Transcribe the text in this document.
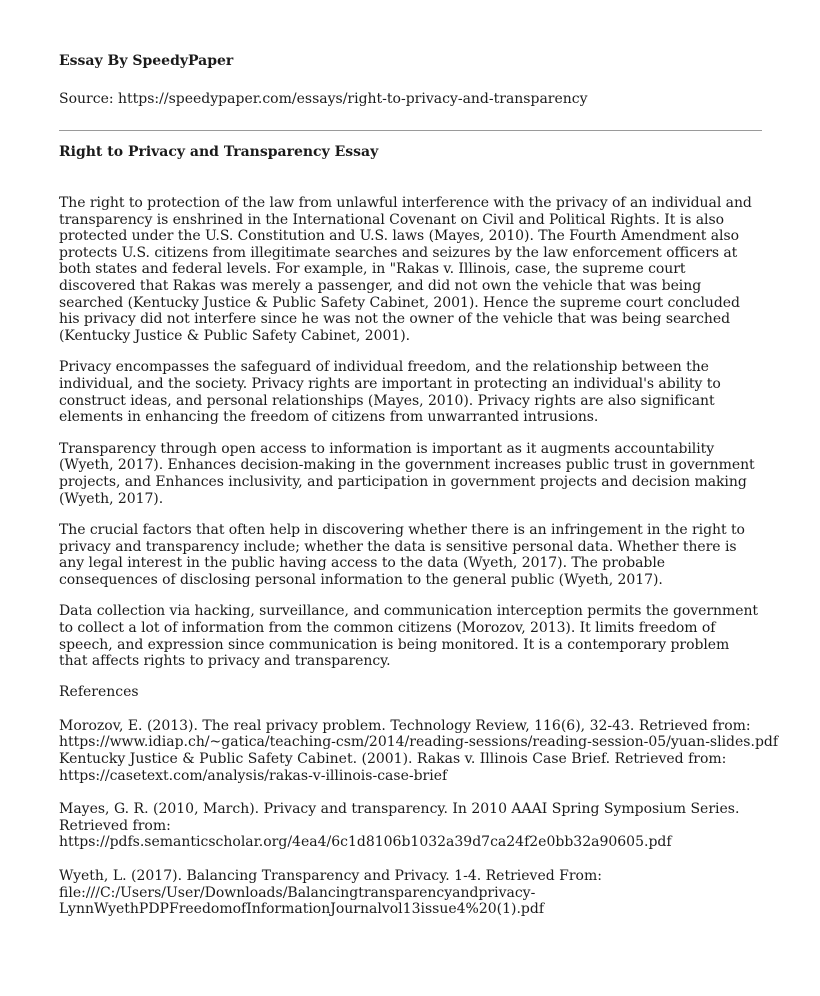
Essay By SpeedyPaper

Source: https://speedypaper.com/essays/right-to-privacy-and-transparency

Right to Privacy and Transparency Essay

The right to protection of the law from unlawful interference with the privacy of an individual and transparency is enshrined in the International Covenant on Civil and Political Rights. It is also protected under the U.S. Constitution and U.S. laws (Mayes, 2010). The Fourth Amendment also protects U.S. citizens from illegitimate searches and seizures by the law enforcement officers at both states and federal levels. For example, in "Rakas v. Illinois, case, the supreme court discovered that Rakas was merely a passenger, and did not own the vehicle that was being searched (Kentucky Justice & Public Safety Cabinet, 2001). Hence the supreme court concluded his privacy did not interfere since he was not the owner of the vehicle that was being searched (Kentucky Justice & Public Safety Cabinet, 2001).

Privacy encompasses the safeguard of individual freedom, and the relationship between the individual, and the society. Privacy rights are important in protecting an individual's ability to construct ideas, and personal relationships (Mayes, 2010). Privacy rights are also significant elements in enhancing the freedom of citizens from unwarranted intrusions.

Transparency through open access to information is important as it augments accountability (Wyeth, 2017). Enhances decision-making in the government increases public trust in government projects, and Enhances inclusivity, and participation in government projects and decision making (Wyeth, 2017).

The crucial factors that often help in discovering whether there is an infringement in the right to privacy and transparency include; whether the data is sensitive personal data. Whether there is any legal interest in the public having access to the data (Wyeth, 2017). The probable consequences of disclosing personal information to the general public (Wyeth, 2017).

Data collection via hacking, surveillance, and communication interception permits the government to collect a lot of information from the common citizens (Morozov, 2013). It limits freedom of speech, and expression since communication is being monitored. It is a contemporary problem that affects rights to privacy and transparency.

References

Morozov, E. (2013). The real privacy problem. Technology Review, 116(6), 32-43. Retrieved from:

https://www.idiap.ch/~gatica/teaching-csm/2014/reading-sessions/reading-session-05/yuan-slides.pdf

Kentucky Justice & Public Safety Cabinet. (2001). Rakas v. Illinois Case Brief. Retrieved from:

https://casetext.com/analysis/rakas-v-illinois-case-brief

Mayes, G. R. (2010, March). Privacy and transparency. In 2010 AAAI Spring Symposium Series.

Retrieved from:

https://pdfs.semanticscholar.org/4ea4/6c1d8106b1032a39d7ca24f2e0bb32a90605.pdf

Wyeth, L. (2017). Balancing Transparency and Privacy. 1-4. Retrieved From:

file:///C:/Users/User/Downloads/Balancingtransparencyandprivacy-

LynnWyethPDPFreedomofInformationJournalvol13issue4%20(1).pdf
